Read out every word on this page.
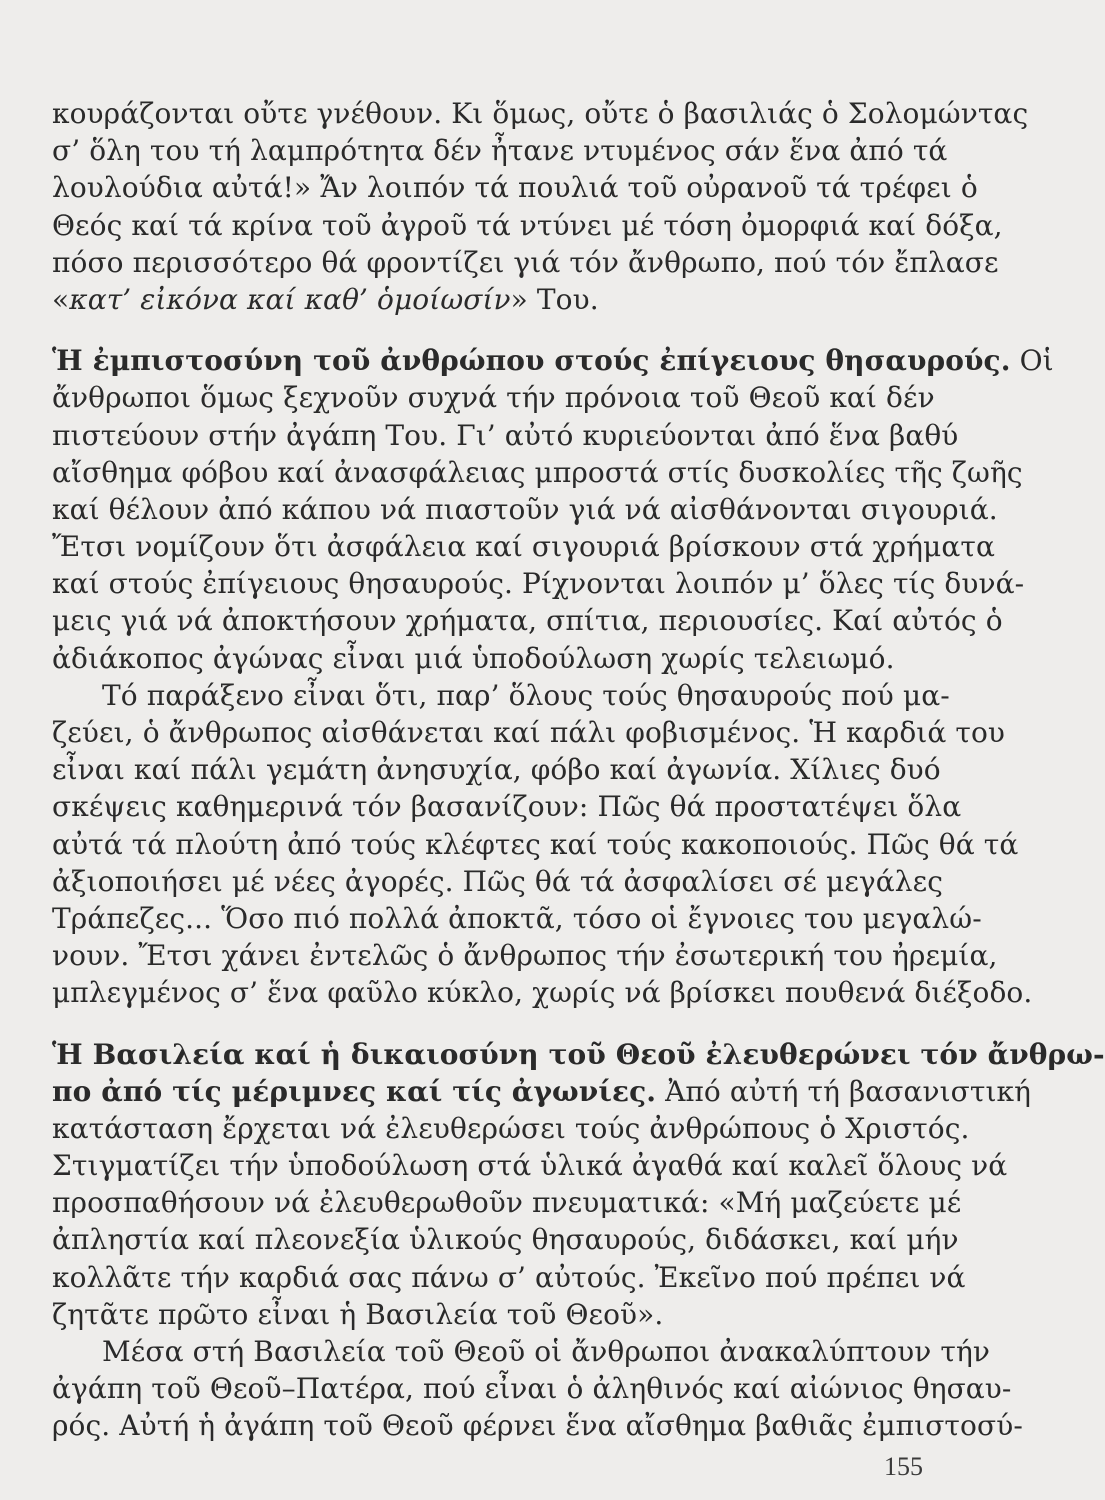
κουράζονται οὔτε γνέθουν. Κι ὅμως, οὔτε ὁ βασιλιάς ὁ Σολομώντας
σ’ ὅλη του τή λαμπρότητα δέν ἦτανε ντυμένος σάν ἕνα ἀπό τά
λουλούδια αὐτά!» Ἄν λοιπόν τά πουλιά τοῦ οὐρανοῦ τά τρέφει ὁ
Θεός καί τά κρίνα τοῦ ἀγροῦ τά ντύνει μέ τόση ὀμορφιά καί δόξα,
πόσο περισσότερο θά φροντίζει γιά τόν ἄνθρωπο, πού τόν ἔπλασε
«κατ’ εἰκόνα καί καθ’ ὁμοίωσίν» Του.
Ἡ ἐμπιστοσύνη τοῦ ἀνθρώπου στούς ἐπίγειους θησαυρούς. Οἱ
ἄνθρωποι ὅμως ξεχνοῦν συχνά τήν πρόνοια τοῦ Θεοῦ καί δέν
πιστεύουν στήν ἀγάπη Του. Γι’ αὐτό κυριεύονται ἀπό ἕνα βαθύ
αἴσθημα φόβου καί ἀνασφάλειας μπροστά στίς δυσκολίες τῆς ζωῆς
καί θέλουν ἀπό κάπου νά πιαστοῦν γιά νά αἰσθάνονται σιγουριά.
Ἔτσι νομίζουν ὅτι ἀσφάλεια καί σιγουριά βρίσκουν στά χρήματα
καί στούς ἐπίγειους θησαυρούς. Ρίχνονται λοιπόν μ’ ὅλες τίς δυνά-
μεις γιά νά ἀποκτήσουν χρήματα, σπίτια, περιουσίες. Καί αὐτός ὁ
ἀδιάκοπος ἀγώνας εἶναι μιά ὑποδούλωση χωρίς τελειωμό.
Τό παράξενο εἶναι ὅτι, παρ’ ὅλους τούς θησαυρούς πού μα-
ζεύει, ὁ ἄνθρωπος αἰσθάνεται καί πάλι φοβισμένος. Ἡ καρδιά του
εἶναι καί πάλι γεμάτη ἀνησυχία, φόβο καί ἀγωνία. Χίλιες δυό
σκέψεις καθημερινά τόν βασανίζουν: Πῶς θά προστατέψει ὅλα
αὐτά τά πλούτη ἀπό τούς κλέφτες καί τούς κακοποιούς. Πῶς θά τά
ἀξιοποιήσει μέ νέες ἀγορές. Πῶς θά τά ἀσφαλίσει σέ μεγάλες
Τράπεζες... Ὅσο πιό πολλά ἀποκτᾶ, τόσο οἱ ἔγνοιες του μεγαλώ-
νουν. Ἔτσι χάνει ἐντελῶς ὁ ἄνθρωπος τήν ἐσωτερική του ἠρεμία,
μπλεγμένος σ’ ἕνα φαῦλο κύκλο, χωρίς νά βρίσκει πουθενά διέξοδο.
Ἡ Βασιλεία καί ἡ δικαιοσύνη τοῦ Θεοῦ ἐλευθερώνει τόν ἄνθρω-
πο ἀπό τίς μέριμνες καί τίς ἀγωνίες. Ἀπό αὐτή τή βασανιστική
κατάσταση ἔρχεται νά ἐλευθερώσει τούς ἀνθρώπους ὁ Χριστός.
Στιγματίζει τήν ὑποδούλωση στά ὑλικά ἀγαθά καί καλεῖ ὅλους νά
προσπαθήσουν νά ἐλευθερωθοῦν πνευματικά: «Μή μαζεύετε μέ
ἀπληστία καί πλεονεξία ὑλικούς θησαυρούς, διδάσκει, καί μήν
κολλᾶτε τήν καρδιά σας πάνω σ’ αὐτούς. Ἐκεῖνο πού πρέπει νά
ζητᾶτε πρῶτο εἶναι ἡ Βασιλεία τοῦ Θεοῦ».
Μέσα στή Βασιλεία τοῦ Θεοῦ οἱ ἄνθρωποι ἀνακαλύπτουν τήν
ἀγάπη τοῦ Θεοῦ–Πατέρα, πού εἶναι ὁ ἀληθινός καί αἰώνιος θησαυ-
ρός. Αὐτή ἡ ἀγάπη τοῦ Θεοῦ φέρνει ἕνα αἴσθημα βαθιᾶς ἐμπιστοσύ-
155
